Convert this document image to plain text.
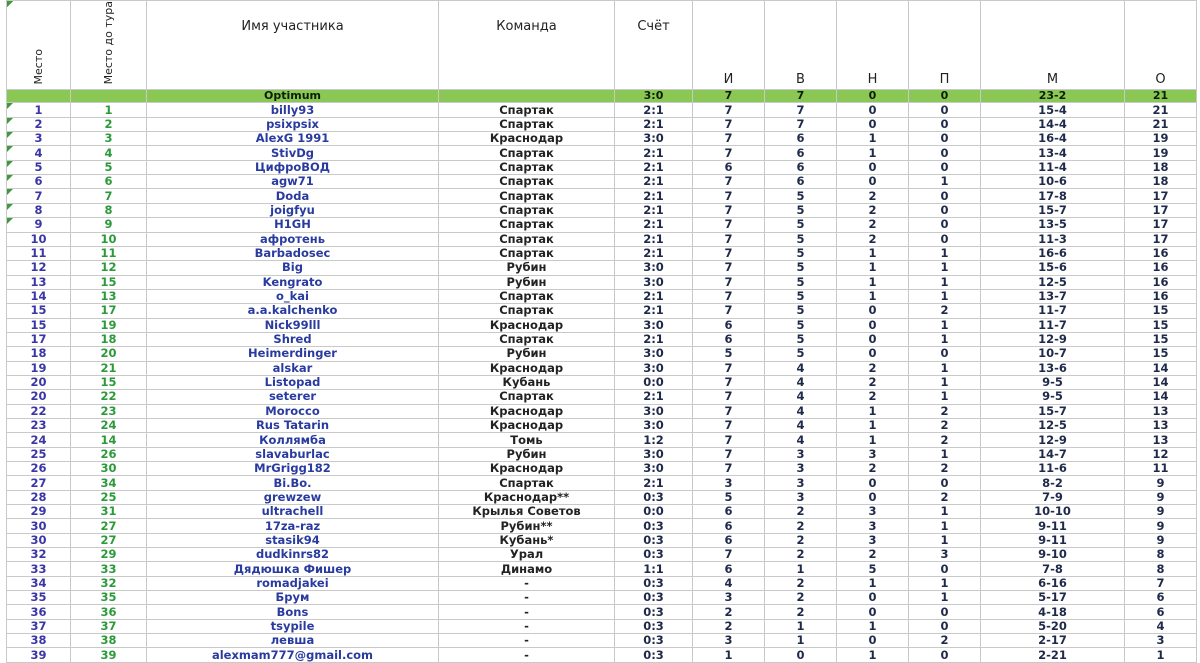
Место	Место до тура	Имя участника	Команда	Счёт	И	В	Н	П	М	О
		Optimum		3:0	7	7	0	0	23-2	21

1	1	billy93	Спартак	2:1	7	7	0	0	15-4	21

2	2	psixpsix	Спартак	2:1	7	7	0	0	14-4	21

3	3	AlexG 1991	Краснодар	3:0	7	6	1	0	16-4	19

4	4	StivDg	Спартак	2:1	7	6	1	0	13-4	19

5	5	ЦифроВОД	Спартак	2:1	6	6	0	0	11-4	18

6	6	agw71	Спартак	2:1	7	6	0	1	10-6	18

7	7	Doda	Спартак	2:1	7	5	2	0	17-8	17

8	8	joigfyu	Спартак	2:1	7	5	2	0	15-7	17

9	9	H1GH	Спартак	2:1	7	5	2	0	13-5	17
10	10	афротень	Спартак	2:1	7	5	2	0	11-3	17
11	11	Barbadosec	Спартак	2:1	7	5	1	1	16-6	16
12	12	Big	Рубин	3:0	7	5	1	1	15-6	16
13	15	Kengrato	Рубин	3:0	7	5	1	1	12-5	16
14	13	o_kai	Спартак	2:1	7	5	1	1	13-7	16
15	17	a.a.kalchenko	Спартак	2:1	7	5	0	2	11-7	15
15	19	Nick99lll	Краснодар	3:0	6	5	0	1	11-7	15
17	18	Shred	Спартак	2:1	6	5	0	1	12-9	15
18	20	Heimerdinger	Рубин	3:0	5	5	0	0	10-7	15
19	21	alskar	Краснодар	3:0	7	4	2	1	13-6	14
20	15	Listopad	Кубань	0:0	7	4	2	1	9-5	14
20	22	seterer	Спартак	2:1	7	4	2	1	9-5	14
22	23	Morocco	Краснодар	3:0	7	4	1	2	15-7	13
23	24	Rus Tatarin	Краснодар	3:0	7	4	1	2	12-5	13
24	14	Коллямба	Томь	1:2	7	4	1	2	12-9	13
25	26	slavaburlac	Рубин	3:0	7	3	3	1	14-7	12
26	30	MrGrigg182	Краснодар	3:0	7	3	2	2	11-6	11
27	34	Bi.Bo.	Спартак	2:1	3	3	0	0	8-2	9
28	25	grewzew	Краснодар**	0:3	5	3	0	2	7-9	9
29	31	ultrachell	Крылья Советов	0:0	6	2	3	1	10-10	9
30	27	17za-raz	Рубин**	0:3	6	2	3	1	9-11	9
30	27	stasik94	Кубань*	0:3	6	2	3	1	9-11	9
32	29	dudkinrs82	Урал	0:3	7	2	2	3	9-10	8
33	33	Дядюшка Фишер	Динамо	1:1	6	1	5	0	7-8	8
34	32	romadjakei	-	0:3	4	2	1	1	6-16	7
35	35	Брум	-	0:3	3	2	0	1	5-17	6
36	36	Bons	-	0:3	2	2	0	0	4-18	6
37	37	tsypile	-	0:3	2	1	1	0	5-20	4
38	38	левша	-	0:3	3	1	0	2	2-17	3
39	39	alexmam777@gmail.com	-	0:3	1	0	1	0	2-21	1
